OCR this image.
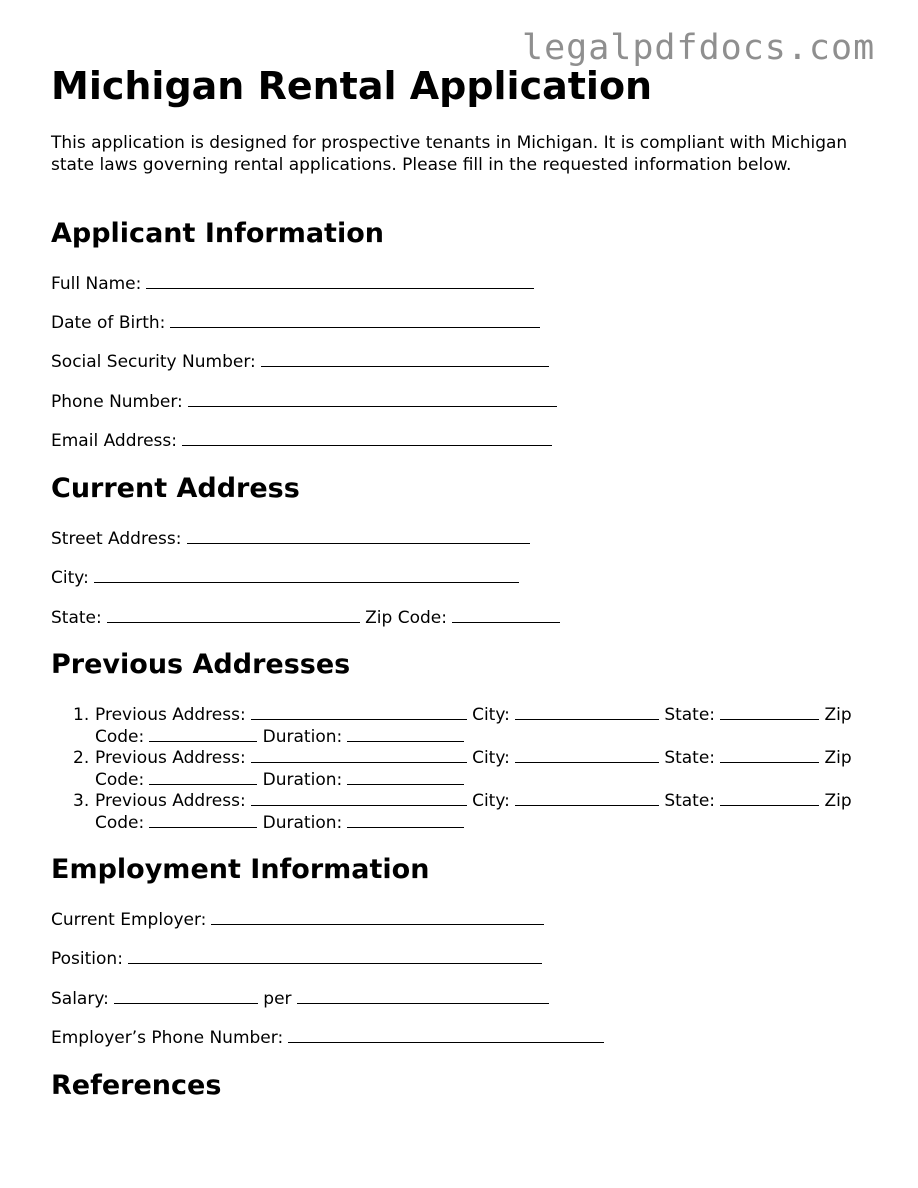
legalpdfdocs.com
Michigan Rental Application

This application is designed for prospective tenants in Michigan. It is compliant with Michigan state laws governing rental applications. Please fill in the requested information below.

Applicant Information
Full Name:
Date of Birth:
Social Security Number:
Phone Number:
Email Address:
Current Address
Street Address:
City:
State:	Zip Code:
Previous Addresses
1. Previous Address:	City:	State:	Zip Code:	Duration:
2. Previous Address:	City:	State:	Zip Code:	Duration:
3. Previous Address:	City:	State:	Zip Code:	Duration:
Employment Information
Current Employer:
Position:
Salary:	per
Employer’s Phone Number:
References
